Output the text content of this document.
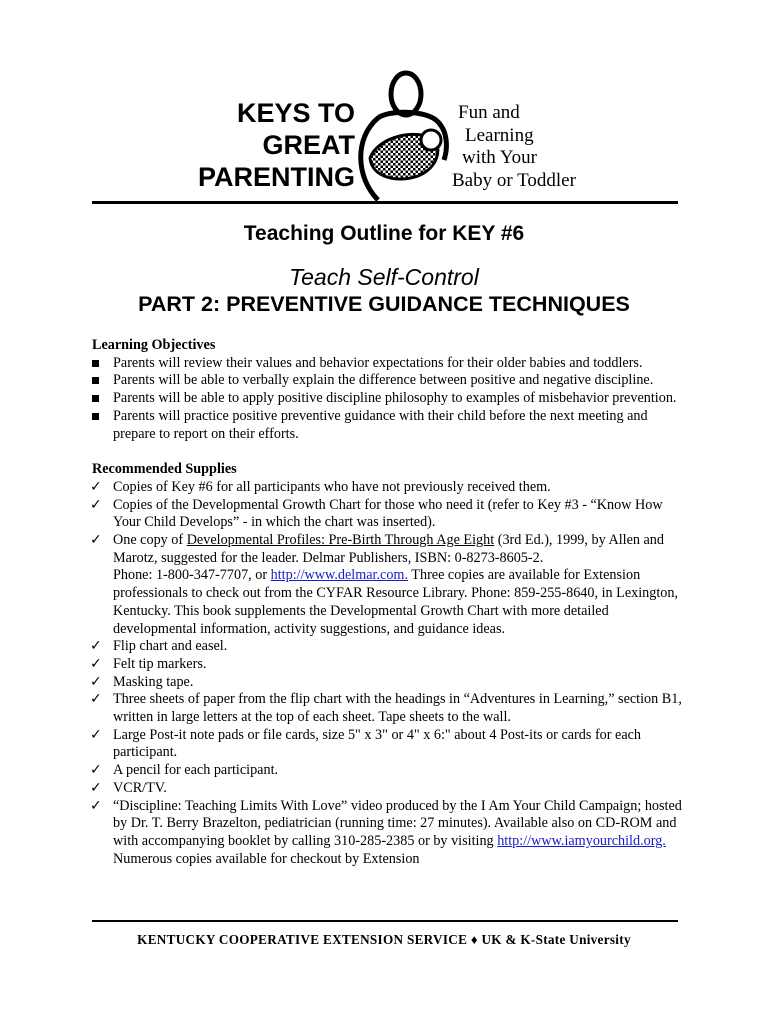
KEYS TO
GREAT
PARENTING
Fun and
Learning
with Your
Baby or Toddler
Teaching Outline for KEY #6
Teach Self-Control
PART 2: PREVENTIVE GUIDANCE TECHNIQUES
Learning Objectives
Parents will review their values and behavior expectations for their older babies and toddlers.
Parents will be able to verbally explain the difference between positive and negative discipline.
Parents will be able to apply positive discipline philosophy to examples of misbehavior prevention.
Parents will practice positive preventive guidance with their child before the next meeting and prepare to report on their efforts.
Recommended Supplies
✓ Copies of Key #6 for all participants who have not previously received them.
✓ Copies of the Developmental Growth Chart for those who need it (refer to Key #3 - “Know How Your Child Develops” - in which the chart was inserted).
✓ One copy of Developmental Profiles: Pre-Birth Through Age Eight (3rd Ed.), 1999, by Allen and Marotz, suggested for the leader. Delmar Publishers, ISBN: 0-8273-8605-2.
Phone: 1-800-347-7707, or http://www.delmar.com. Three copies are available for Extension professionals to check out from the CYFAR Resource Library. Phone: 859-255-8640, in Lexington, Kentucky. This book supplements the Developmental Growth Chart with more detailed developmental information, activity suggestions, and guidance ideas.
✓ Flip chart and easel.
✓ Felt tip markers.
✓ Masking tape.
✓ Three sheets of paper from the flip chart with the headings in “Adventures in Learning,” section B1, written in large letters at the top of each sheet. Tape sheets to the wall.
✓ Large Post-it note pads or file cards, size 5" x 3" or 4" x 6:" about 4 Post-its or cards for each participant.
✓ A pencil for each participant.
✓ VCR/TV.
✓ “Discipline: Teaching Limits With Love” video produced by the I Am Your Child Campaign; hosted by Dr. T. Berry Brazelton, pediatrician (running time: 27 minutes). Available also on CD-ROM and with accompanying booklet by calling 310-285-2385 or by visiting http://www.iamyourchild.org. Numerous copies available for checkout by Extension
KENTUCKY COOPERATIVE EXTENSION SERVICE ♦ UK & K-State University
